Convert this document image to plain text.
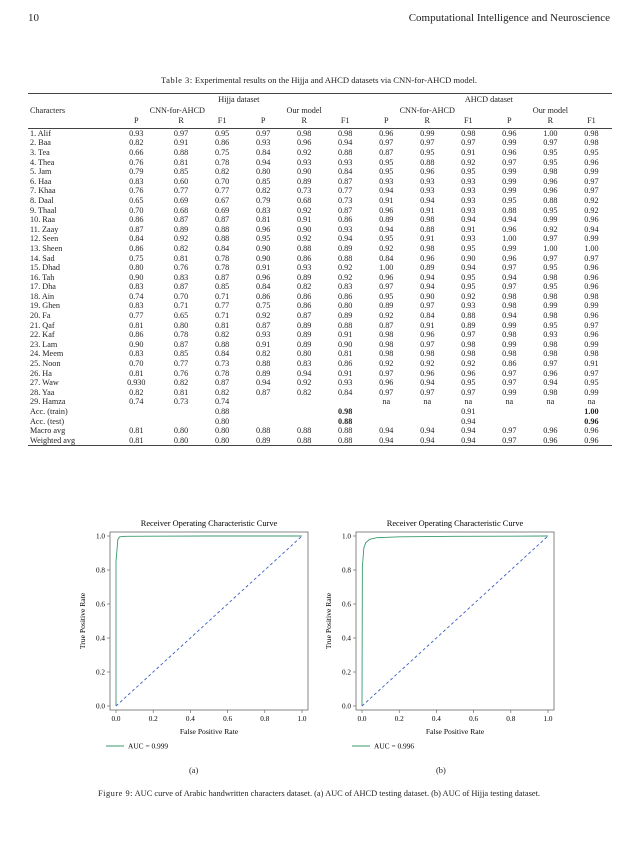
10	Computational Intelligence and Neuroscience
Table 3: Experimental results on the Hijja and AHCD datasets via CNN-for-AHCD model.
	Hijja dataset						AHCD dataset					
Characters	CNN-for-AHCD			Our model			CNN-for-AHCD			Our model		
	P	R	F1	P	R	F1	P	R	F1	P	R	F1
1. Alif	0.93	0.97	0.95	0.97	0.98	0.98	0.96	0.99	0.98	0.96	1.00	0.98
2. Baa	0.82	0.91	0.86	0.93	0.96	0.94	0.97	0.97	0.97	0.99	0.97	0.98
3. Tea	0.66	0.88	0.75	0.84	0.92	0.88	0.87	0.95	0.91	0.96	0.95	0.95
4. Thea	0.76	0.81	0.78	0.94	0.93	0.93	0.95	0.88	0.92	0.97	0.95	0.96
5. Jam	0.79	0.85	0.82	0.80	0.90	0.84	0.95	0.96	0.95	0.99	0.98	0.99
6. Haa	0.83	0.60	0.70	0.85	0.89	0.87	0.93	0.93	0.93	0.99	0.96	0.97
7. Khaa	0.76	0.77	0.77	0.82	0.73	0.77	0.94	0.93	0.93	0.99	0.96	0.97
8. Daal	0.65	0.69	0.67	0.79	0.68	0.73	0.91	0.94	0.93	0.95	0.88	0.92
9. Thaal	0.70	0.68	0.69	0.83	0.92	0.87	0.96	0.91	0.93	0.88	0.95	0.92
10. Raa	0.86	0.87	0.87	0.81	0.91	0.86	0.89	0.98	0.94	0.94	0.99	0.96
11. Zaay	0.87	0.89	0.88	0.96	0.90	0.93	0.94	0.88	0.91	0.96	0.92	0.94
12. Seen	0.84	0.92	0.88	0.95	0.92	0.94	0.95	0.91	0.93	1.00	0.97	0.99
13. Sheen	0.86	0.82	0.84	0.90	0.88	0.89	0.92	0.98	0.95	0.99	1.00	1.00
14. Sad	0.75	0.81	0.78	0.90	0.86	0.88	0.84	0.96	0.90	0.96	0.97	0.97
15. Dhad	0.80	0.76	0.78	0.91	0.93	0.92	1.00	0.89	0.94	0.97	0.95	0.96
16. Tah	0.90	0.83	0.87	0.96	0.89	0.92	0.96	0.94	0.95	0.94	0.98	0.96
17. Dha	0.83	0.87	0.85	0.84	0.82	0.83	0.97	0.94	0.95	0.97	0.95	0.96
18. Ain	0.74	0.70	0.71	0.86	0.86	0.86	0.95	0.90	0.92	0.98	0.98	0.98
19. Ghen	0.83	0.71	0.77	0.75	0.86	0.80	0.89	0.97	0.93	0.98	0.99	0.99
20. Fa	0.77	0.65	0.71	0.92	0.87	0.89	0.92	0.84	0.88	0.94	0.98	0.96
21. Qaf	0.81	0.80	0.81	0.87	0.89	0.88	0.87	0.91	0.89	0.99	0.95	0.97
22. Kaf	0.86	0.78	0.82	0.93	0.89	0.91	0.98	0.96	0.97	0.98	0.93	0.96
23. Lam	0.90	0.87	0.88	0.91	0.89	0.90	0.98	0.97	0.98	0.99	0.98	0.99
24. Meem	0.83	0.85	0.84	0.82	0.80	0.81	0.98	0.98	0.98	0.98	0.98	0.98
25. Noon	0.70	0.77	0.73	0.88	0.83	0.86	0.92	0.92	0.92	0.86	0.97	0.91
26. Ha	0.81	0.76	0.78	0.89	0.94	0.91	0.97	0.96	0.96	0.97	0.96	0.97
27. Waw	0.930	0.82	0.87	0.94	0.92	0.93	0.96	0.94	0.95	0.97	0.94	0.95
28. Yaa	0.82	0.81	0.82	0.87	0.82	0.84	0.97	0.97	0.97	0.99	0.98	0.99
29. Hamza	0.74	0.73	0.74				na	na	na	na	na	na
Acc. (train)			0.88			0.98			0.91			1.00
Acc. (test)			0.80			0.88			0.94			0.96
Macro avg	0.81	0.80	0.80	0.88	0.88	0.88	0.94	0.94	0.94	0.97	0.96	0.96
Weighted avg	0.81	0.80	0.80	0.89	0.88	0.88	0.94	0.94	0.94	0.97	0.96	0.96
Receiver Operating Characteristic Curve
0.0
0.0
0.2
0.2
0.4
0.4
0.6
0.6
0.8
0.8
1.0
1.0
False Positive Rate
True Positive Rate
AUC = 0.999
(a)
Receiver Operating Characteristic Curve
0.0
0.0
0.2
0.2
0.4
0.4
0.6
0.6
0.8
0.8
1.0
1.0
False Positive Rate
True Positive Rate
AUC = 0.996
(b)
Figure 9: AUC curve of Arabic handwritten characters dataset. (a) AUC of AHCD testing dataset. (b) AUC of Hijja testing dataset.
